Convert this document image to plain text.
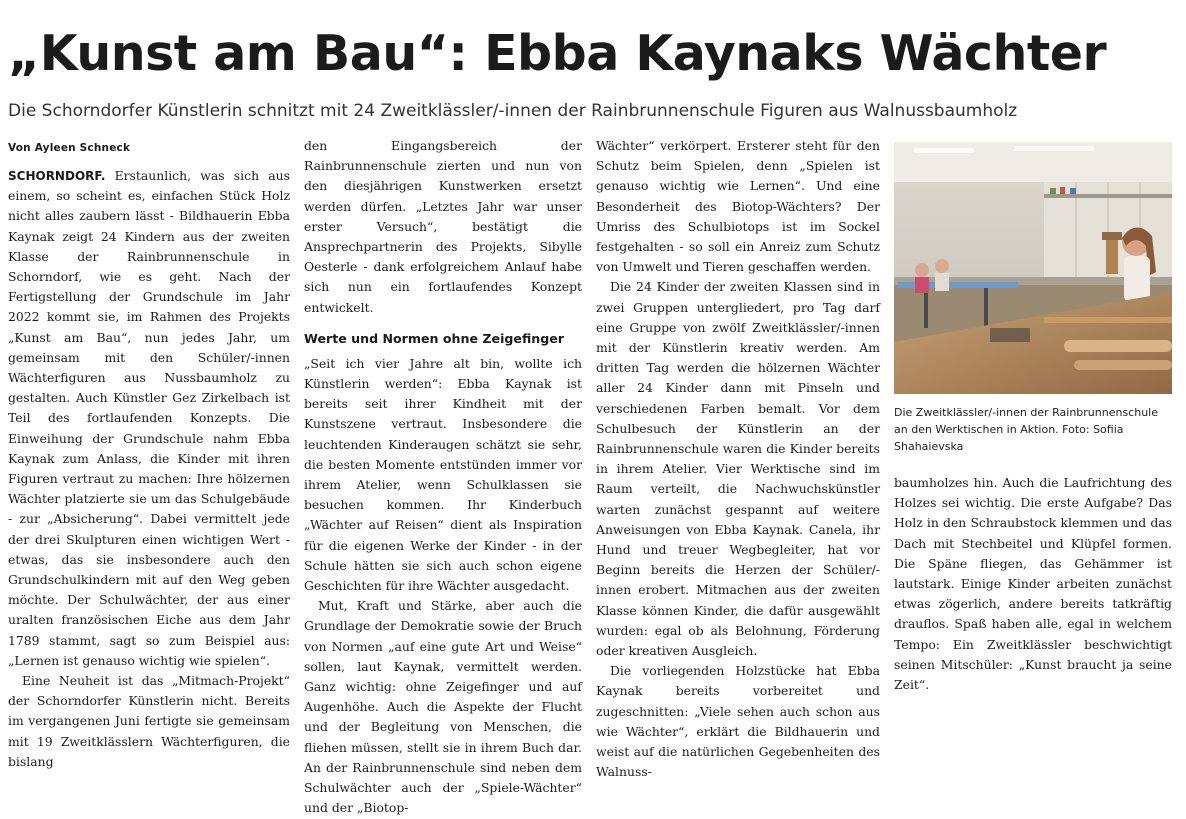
„Kunst am Bau“: Ebba Kaynaks Wächter

Die Schorndorfer Künstlerin schnitzt mit 24 Zweitklässler/-innen der Rainbrunnenschule Figuren aus Walnussbaumholz

Von Ayleen Schneck

SCHORNDORF. Erstaunlich, was sich aus einem, so scheint es, einfachen Stück Holz nicht alles zaubern lässt - Bildhauerin Ebba Kaynak zeigt 24 Kindern aus der zweiten Klasse der Rainbrunnenschule in Schorndorf, wie es geht. Nach der Fertigstellung der Grundschule im Jahr 2022 kommt sie, im Rahmen des Projekts „Kunst am Bau“, nun jedes Jahr, um gemeinsam mit den Schüler/-innen Wächterfiguren aus Nussbaumholz zu gestalten. Auch Künstler Gez Zirkelbach ist Teil des fortlaufenden Konzepts. Die Einweihung der Grundschule nahm Ebba Kaynak zum Anlass, die Kinder mit ihren Figuren vertraut zu machen: Ihre hölzernen Wächter platzierte sie um das Schulgebäude - zur „Absicherung“. Dabei vermittelt jede der drei Skulpturen einen wichtigen Wert - etwas, das sie insbesondere auch den Grundschulkindern mit auf den Weg geben möchte. Der Schulwächter, der aus einer uralten französischen Eiche aus dem Jahr 1789 stammt, sagt so zum Beispiel aus: „Lernen ist genauso wichtig wie spielen“.

Eine Neuheit ist das „Mitmach-Projekt“ der Schorndorfer Künstlerin nicht. Bereits im vergangenen Juni fertigte sie gemeinsam mit 19 Zweitklässlern Wächterfiguren, die bislang

den Eingangsbereich der Rainbrunnenschule zierten und nun von den diesjährigen Kunstwerken ersetzt werden dürfen. „Letztes Jahr war unser erster Versuch“, bestätigt die Ansprechpartnerin des Projekts, Sibylle Oesterle - dank erfolgreichem Anlauf habe sich nun ein fortlaufendes Konzept entwickelt.

Werte und Normen ohne Zeigefinger

„Seit ich vier Jahre alt bin, wollte ich Künstlerin werden“: Ebba Kaynak ist bereits seit ihrer Kindheit mit der Kunstszene vertraut. Insbesondere die leuchtenden Kinderaugen schätzt sie sehr, die besten Momente entstünden immer vor ihrem Atelier, wenn Schulklassen sie besuchen kommen. Ihr Kinderbuch „Wächter auf Reisen“ dient als Inspiration für die eigenen Werke der Kinder - in der Schule hätten sie sich auch schon eigene Geschichten für ihre Wächter ausgedacht.

Mut, Kraft und Stärke, aber auch die Grundlage der Demokratie sowie der Bruch von Normen „auf eine gute Art und Weise“ sollen, laut Kaynak, vermittelt werden. Ganz wichtig: ohne Zeigefinger und auf Augenhöhe. Auch die Aspekte der Flucht und der Begleitung von Menschen, die fliehen müssen, stellt sie in ihrem Buch dar. An der Rainbrunnenschule sind neben dem Schulwächter auch der „Spiele-Wächter“ und der „Biotop-

Wächter“ verkörpert. Ersterer steht für den Schutz beim Spielen, denn „Spielen ist genauso wichtig wie Lernen“. Und eine Besonderheit des Biotop-Wächters? Der Umriss des Schulbiotops ist im Sockel festgehalten - so soll ein Anreiz zum Schutz von Umwelt und Tieren geschaffen werden.

Die 24 Kinder der zweiten Klassen sind in zwei Gruppen untergliedert, pro Tag darf eine Gruppe von zwölf Zweitklässler/-innen mit der Künstlerin kreativ werden. Am dritten Tag werden die hölzernen Wächter aller 24 Kinder dann mit Pinseln und verschiedenen Farben bemalt. Vor dem Schulbesuch der Künstlerin an der Rainbrunnenschule waren die Kinder bereits in ihrem Atelier. Vier Werktische sind im Raum verteilt, die Nachwuchskünstler warten zunächst gespannt auf weitere Anweisungen von Ebba Kaynak. Canela, ihr Hund und treuer Wegbegleiter, hat vor Beginn bereits die Herzen der Schüler/-innen erobert. Mitmachen aus der zweiten Klasse können Kinder, die dafür ausgewählt wurden: egal ob als Belohnung, Förderung oder kreativen Ausgleich.

Die vorliegenden Holzstücke hat Ebba Kaynak bereits vorbereitet und zugeschnitten: „Viele sehen auch schon aus wie Wächter“, erklärt die Bildhauerin und weist auf die natürlichen Gegebenheiten des Walnuss-

Die Zweitklässler/-innen der Rainbrunnenschule an den Werktischen in Aktion. Foto: Sofiia Shahaievska

baumholzes hin. Auch die Laufrichtung des Holzes sei wichtig. Die erste Aufgabe? Das Holz in den Schraubstock klemmen und das Dach mit Stechbeitel und Klüpfel formen. Die Späne fliegen, das Gehämmer ist lautstark. Einige Kinder arbeiten zunächst etwas zögerlich, andere bereits tatkräftig drauflos. Spaß haben alle, egal in welchem Tempo: Ein Zweitklässler beschwichtigt seinen Mitschüler: „Kunst braucht ja seine Zeit“.
